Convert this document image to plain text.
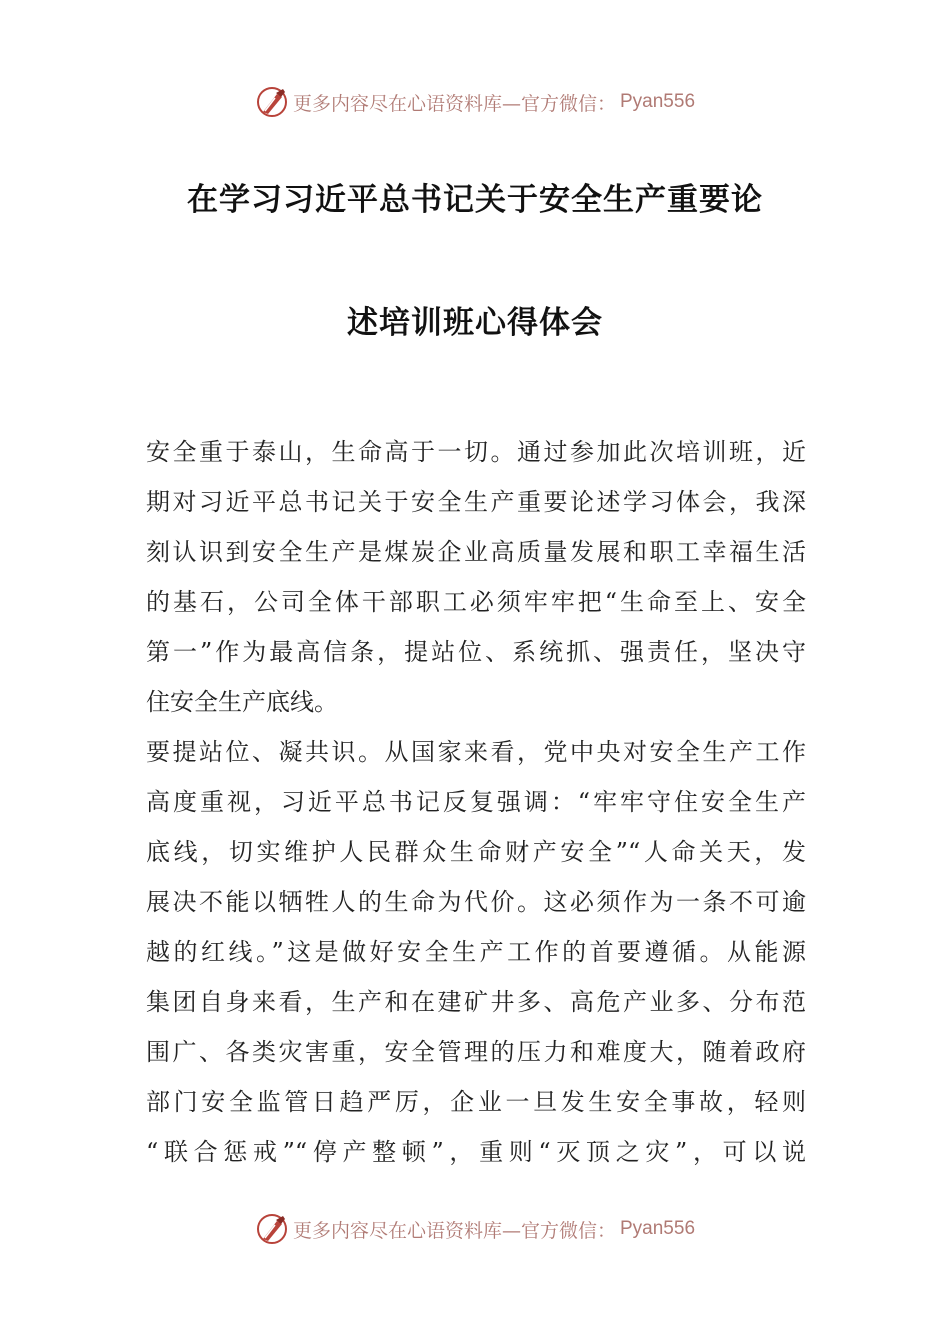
更多内容尽在心语资料库—官方微信： Pyan556
在学习习近平总书记关于安全生产重要论
述培训班心得体会
安全重于泰山，生命高于一切。通过参加此次培训班，近
期对习近平总书记关于安全生产重要论述学习体会，我深
刻认识到安全生产是煤炭企业高质量发展和职工幸福生活
的基石，公司全体干部职工必须牢牢把“生命至上、安全
第一”作为最高信条，提站位、系统抓、强责任，坚决守
住安全生产底线。
要提站位、凝共识。从国家来看，党中央对安全生产工作
高度重视，习近平总书记反复强调：“牢牢守住安全生产
底线，切实维护人民群众生命财产安全”“人命关天，发
展决不能以牺牲人的生命为代价。这必须作为一条不可逾
越的红线。”这是做好安全生产工作的首要遵循。从能源
集团自身来看，生产和在建矿井多、高危产业多、分布范
围广、各类灾害重，安全管理的压力和难度大，随着政府
部门安全监管日趋严厉，企业一旦发生安全事故，轻则
“联合惩戒”“停产整顿”，重则“灭顶之灾”，可以说
更多内容尽在心语资料库—官方微信： Pyan556
